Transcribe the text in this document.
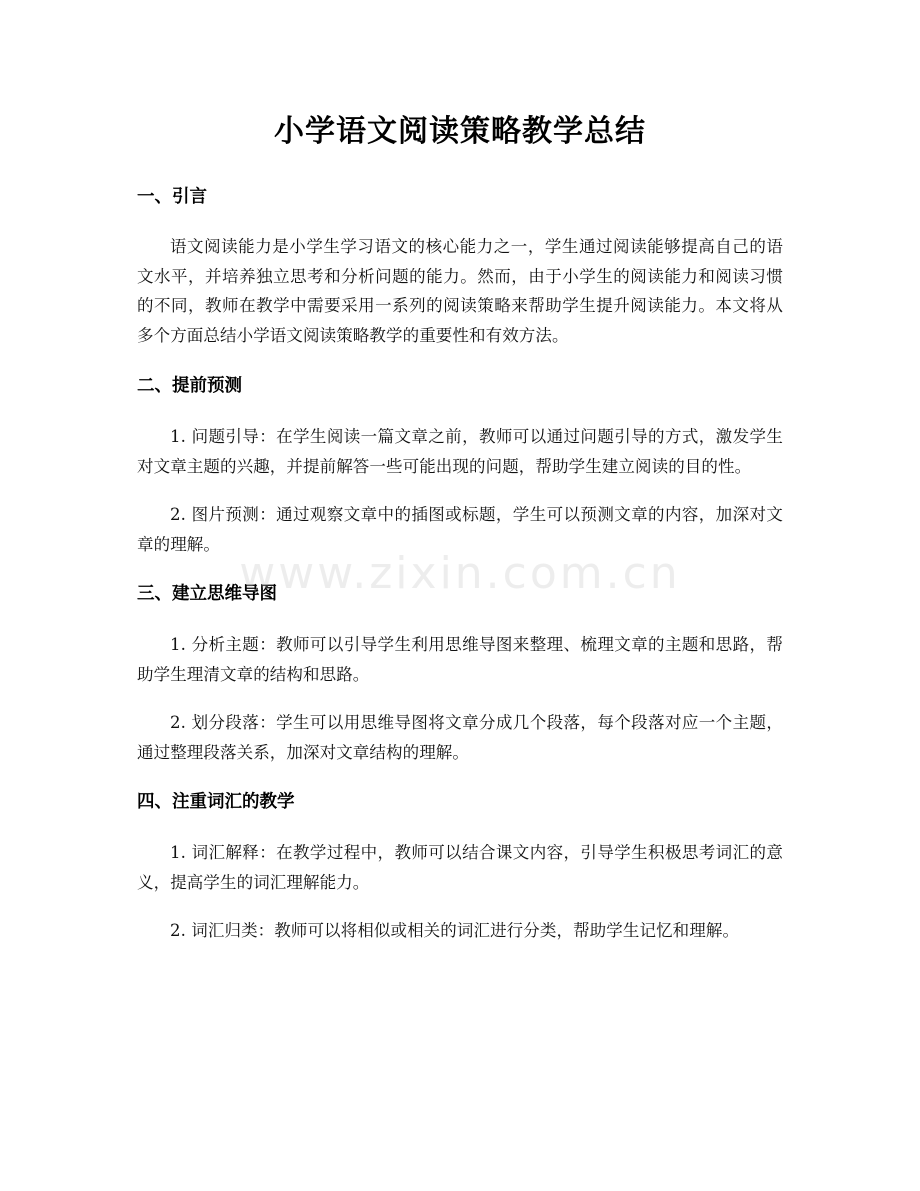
小学语文阅读策略教学总结
一、引言

语文阅读能力是小学生学习语文的核心能力之一，学生通过阅读能够提高自己的语文水平，并培养独立思考和分析问题的能力。然而，由于小学生的阅读能力和阅读习惯的不同，教师在教学中需要采用一系列的阅读策略来帮助学生提升阅读能力。本文将从多个方面总结小学语文阅读策略教学的重要性和有效方法。

二、提前预测

1. 问题引导：在学生阅读一篇文章之前，教师可以通过问题引导的方式，激发学生对文章主题的兴趣，并提前解答一些可能出现的问题，帮助学生建立阅读的目的性。

2. 图片预测：通过观察文章中的插图或标题，学生可以预测文章的内容，加深对文章的理解。

三、建立思维导图

1. 分析主题：教师可以引导学生利用思维导图来整理、梳理文章的主题和思路，帮助学生理清文章的结构和思路。

2. 划分段落：学生可以用思维导图将文章分成几个段落，每个段落对应一个主题，通过整理段落关系，加深对文章结构的理解。

四、注重词汇的教学

1. 词汇解释：在教学过程中，教师可以结合课文内容，引导学生积极思考词汇的意义，提高学生的词汇理解能力。

2. 词汇归类：教师可以将相似或相关的词汇进行分类，帮助学生记忆和理解。

www.zixin.com.cn
